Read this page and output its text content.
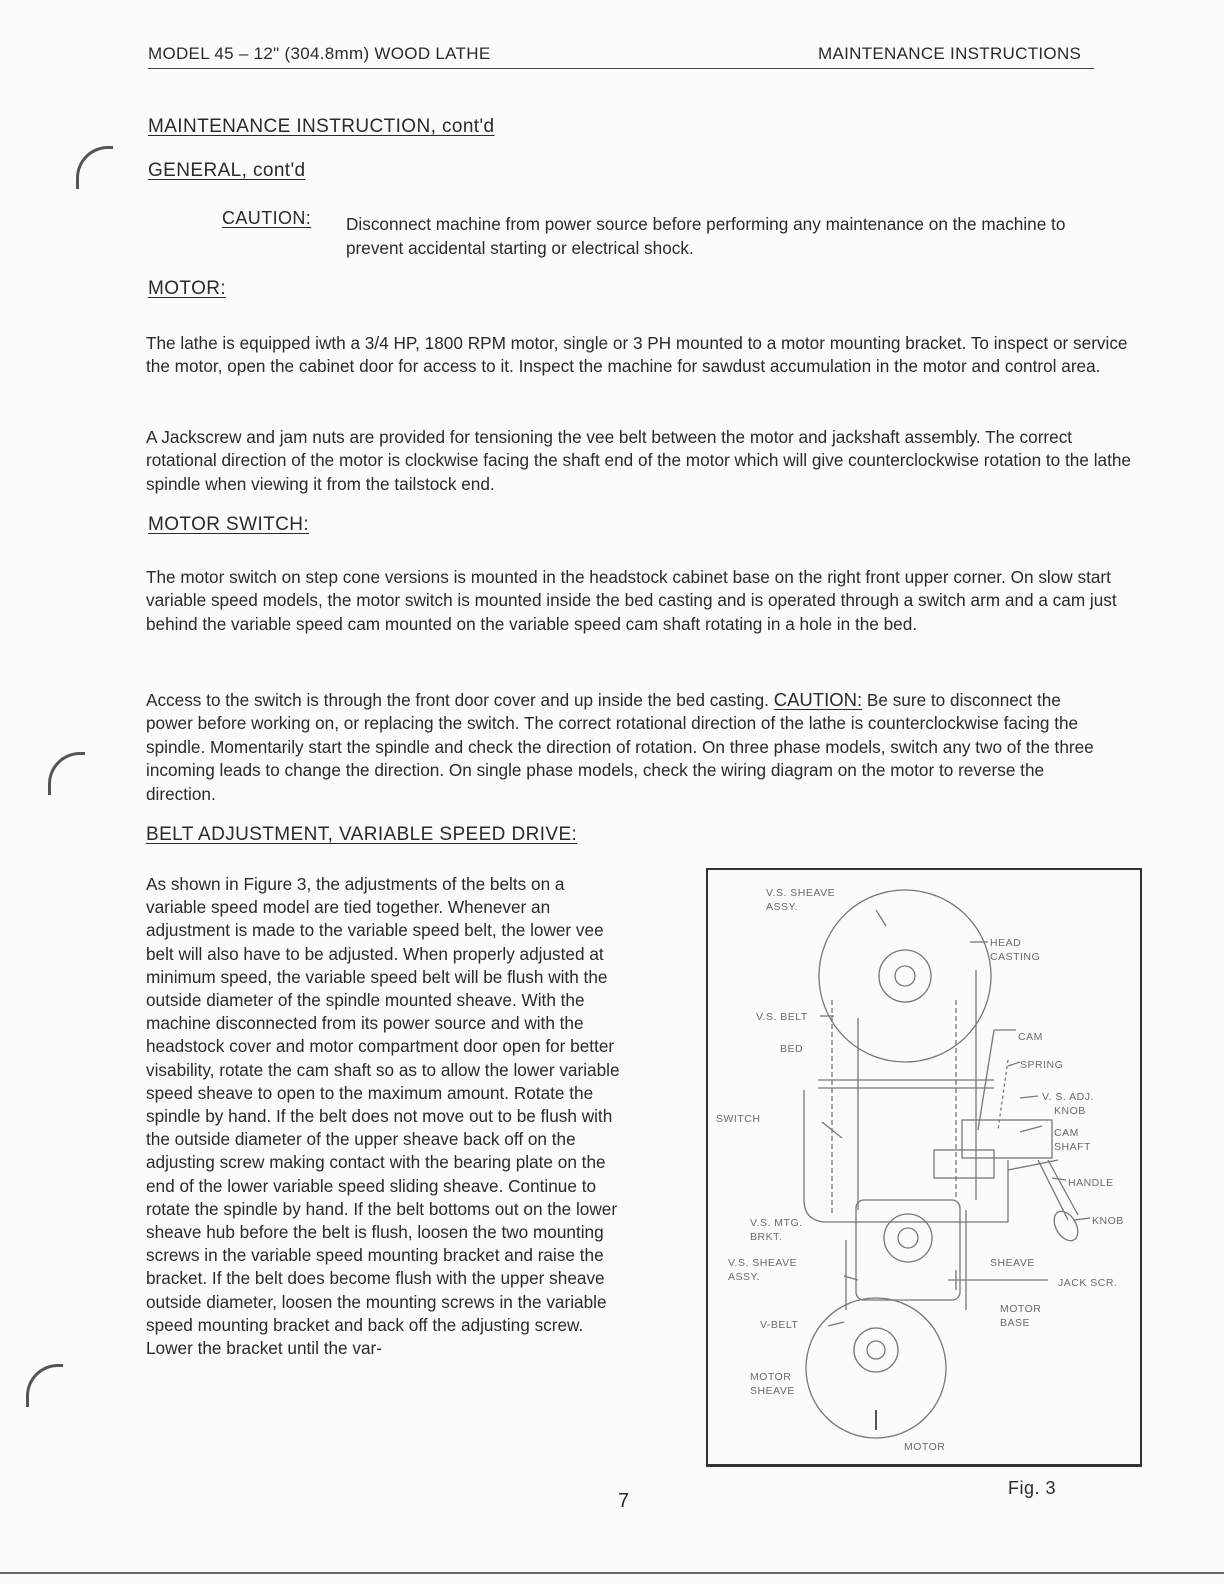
MODEL 45 – 12" (304.8mm) WOOD LATHE	MAINTENANCE INSTRUCTIONS
MAINTENANCE INSTRUCTION, cont'd
GENERAL, cont'd
CAUTION: Disconnect machine from power source before performing any maintenance on the machine to prevent accidental starting or electrical shock.
MOTOR:
The lathe is equipped iwth a 3/4 HP, 1800 RPM motor, single or 3 PH mounted to a motor mounting bracket. To inspect or service the motor, open the cabinet door for access to it. Inspect the machine for sawdust accumulation in the motor and control area.
A Jackscrew and jam nuts are provided for tensioning the vee belt between the motor and jackshaft assembly. The correct rotational direction of the motor is clockwise facing the shaft end of the motor which will give counterclockwise rotation to the lathe spindle when viewing it from the tailstock end.
MOTOR SWITCH:
The motor switch on step cone versions is mounted in the headstock cabinet base on the right front upper corner. On slow start variable speed models, the motor switch is mounted inside the bed casting and is operated through a switch arm and a cam just behind the variable speed cam mounted on the variable speed cam shaft rotating in a hole in the bed.
Access to the switch is through the front door cover and up inside the bed casting. CAUTION: Be sure to disconnect the power before working on, or replacing the switch. The correct rotational direction of the lathe is counterclockwise facing the spindle. Momentarily start the spindle and check the direction of rotation. On three phase models, switch any two of the three incoming leads to change the direction. On single phase models, check the wiring diagram on the motor to reverse the direction.
BELT ADJUSTMENT, VARIABLE SPEED DRIVE:
As shown in Figure 3, the adjustments of the belts on a variable speed model are tied together. Whenever an adjustment is made to the variable speed belt, the lower vee belt will also have to be adjusted. When properly adjusted at minimum speed, the variable speed belt will be flush with the outside diameter of the spindle mounted sheave. With the machine disconnected from its power source and with the headstock cover and motor compartment door open for better visability, rotate the cam shaft so as to allow the lower variable speed sheave to open to the maximum amount. Rotate the spindle by hand. If the belt does not move out to be flush with the outside diameter of the upper sheave back off on the adjusting screw making contact with the bearing plate on the end of the lower variable speed sliding sheave. Continue to rotate the spindle by hand. If the belt bottoms out on the lower sheave hub before the belt is flush, loosen the two mounting screws in the variable speed mounting bracket and raise the bracket. If the belt does become flush with the upper sheave outside diameter, loosen the mounting screws in the variable speed mounting bracket and back off the adjusting screw. Lower the bracket until the var-
V.S. SHEAVE
ASSY.
HEAD
CASTING
V.S. BELT
BED
CAM
SPRING
SWITCH
V. S. ADJ.
KNOB
CAM
SHAFT
HANDLE
KNOB
V.S. MTG.
BRKT.
V.S. SHEAVE
ASSY.
SHEAVE
JACK SCR.
V-BELT
MOTOR
BASE
MOTOR
SHEAVE
MOTOR
Fig. 3
7
